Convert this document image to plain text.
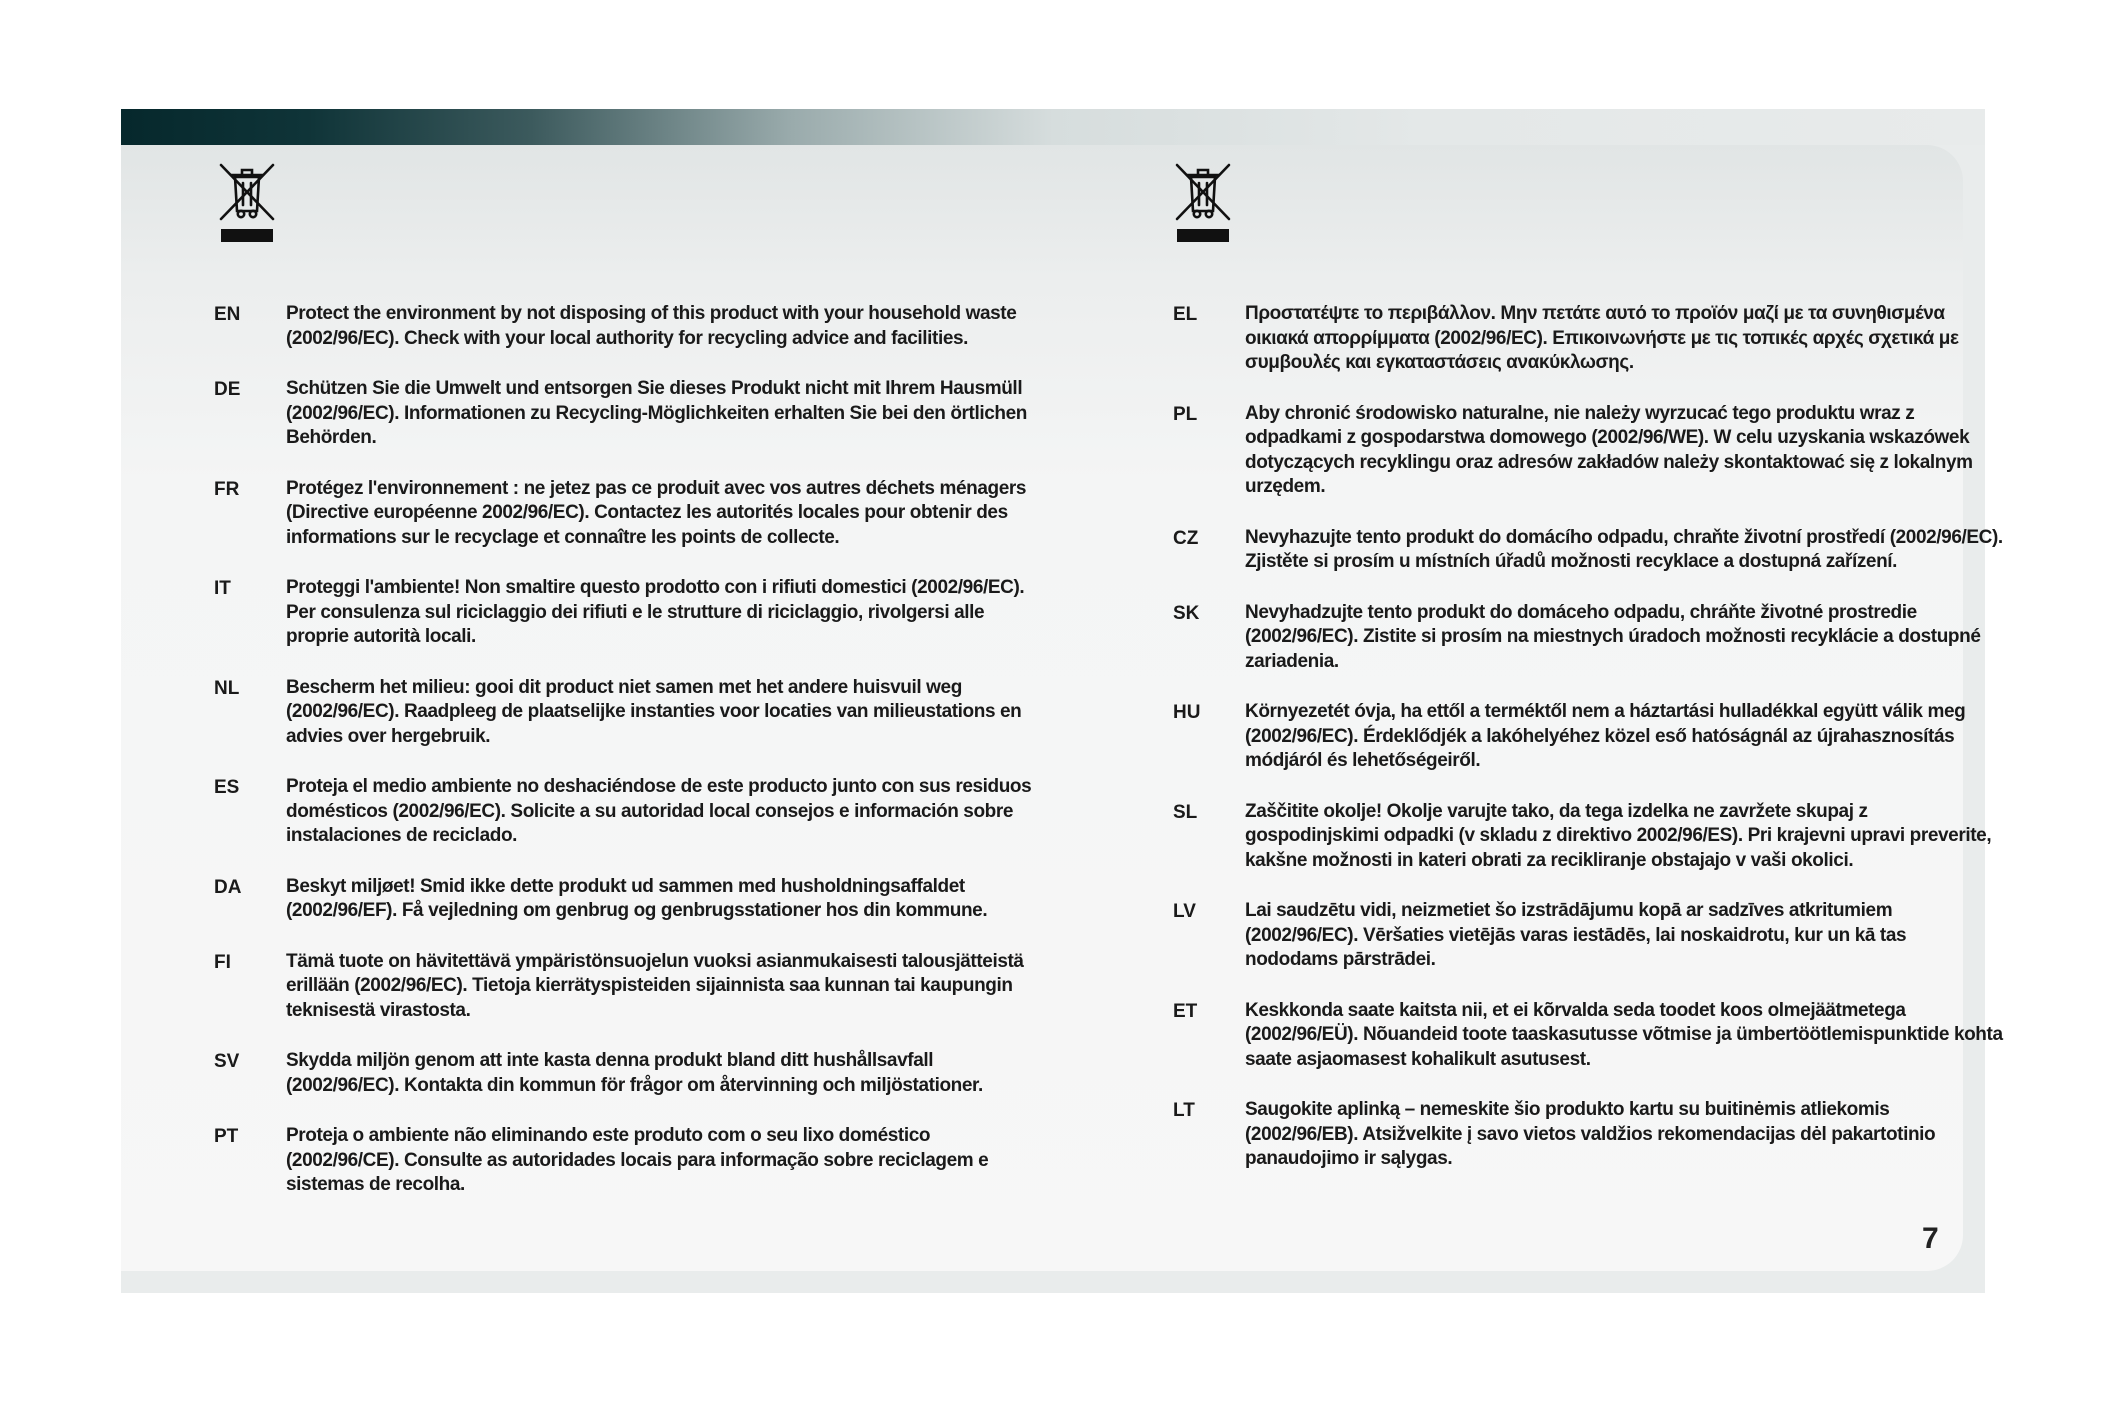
EN Protect the environment by not disposing of this product with your household waste (2002/96/EC). Check with your local authority for recycling advice and facilities.
DE Schützen Sie die Umwelt und entsorgen Sie dieses Produkt nicht mit Ihrem Hausmüll (2002/96/EC). Informationen zu Recycling-Möglichkeiten erhalten Sie bei den örtlichen Behörden.
FR Protégez l'environnement : ne jetez pas ce produit avec vos autres déchets ménagers (Directive européenne 2002/96/EC). Contactez les autorités locales pour obtenir des informations sur le recyclage et connaître les points de collecte.
IT	Proteggi l'ambiente! Non smaltire questo prodotto con i rifiuti domestici (2002/96/EC). Per consulenza sul riciclaggio dei rifiuti e le strutture di riciclaggio, rivolgersi alle proprie autorità locali.
NL Bescherm het milieu: gooi dit product niet samen met het andere huisvuil weg (2002/96/EC). Raadpleeg de plaatselijke instanties voor locaties van milieustations en advies over hergebruik.
ES Proteja el medio ambiente no deshaciéndose de este producto junto con sus residuos domésticos (2002/96/EC). Solicite a su autoridad local consejos e información sobre instalaciones de reciclado.
DA Beskyt miljøet! Smid ikke dette produkt ud sammen med husholdningsaffaldet (2002/96/EF). Få vejledning om genbrug og genbrugsstationer hos din kommune.
FI	Tämä tuote on hävitettävä ympäristönsuojelun vuoksi asianmukaisesti talousjätteistä erillään (2002/96/EC). Tietoja kierrätyspisteiden sijainnista saa kunnan tai kaupungin teknisestä virastosta.
SV Skydda miljön genom att inte kasta denna produkt bland ditt hushållsavfall (2002/96/EC). Kontakta din kommun för frågor om återvinning och miljöstationer.
PT	Proteja o ambiente não eliminando este produto com o seu lixo doméstico (2002/96/CE). Consulte as autoridades locais para informação sobre reciclagem e sistemas de recolha.
EL	Προστατέψτε το περιβάλλον. Μην πετάτε αυτό το προϊόν μαζί με τα συνηθισμένα οικιακά απορρίμματα (2002/96/EC). Επικοινωνήστε με τις τοπικές αρχές σχετικά με συμβουλές και εγκαταστάσεις ανακύκλωσης.
PL	Aby chronić środowisko naturalne, nie należy wyrzucać tego produktu wraz z odpadkami z gospodarstwa domowego (2002/96/WE). W celu uzyskania wskazówek dotyczących recyklingu oraz adresów zakładów należy skontaktować się z lokalnym urzędem.
CZ Nevyhazujte tento produkt do domácího odpadu, chraňte životní prostředí (2002/96/EC). Zjistěte si prosím u místních úřadů možnosti recyklace a dostupná zařízení.
SK Nevyhadzujte tento produkt do domáceho odpadu, chráňte životné prostredie (2002/96/EC). Zistite si prosím na miestnych úradoch možnosti recyklácie a dostupné zariadenia.
HU Környezetét óvja, ha ettől a terméktől nem a háztartási hulladékkal együtt válik meg (2002/96/EC). Érdeklődjék a lakóhelyéhez közel eső hatóságnál az újrahasznosítás módjáról és lehetőségeiről.
SL	Zaščitite okolje! Okolje varujte tako, da tega izdelka ne zavržete skupaj z gospodinjskimi odpadki (v skladu z direktivo 2002/96/ES). Pri krajevni upravi preverite, kakšne možnosti in kateri obrati za recikliranje obstajajo v vaši okolici.
LV	Lai saudzētu vidi, neizmetiet šo izstrādājumu kopā ar sadzīves atkritumiem (2002/96/EC). Vēršaties vietējās varas iestādēs, lai noskaidrotu, kur un kā tas nododams pārstrādei.
ET	Keskkonda saate kaitsta nii, et ei kõrvalda seda toodet koos olmejäätmetega (2002/96/EÜ). Nõuandeid toote taaskasutusse võtmise ja ümbertöötlemispunktide kohta saate asjaomasest kohalikult asutusest.
LT	Saugokite aplinką – nemeskite šio produkto kartu su buitinėmis atliekomis (2002/96/EB). Atsižvelkite į savo vietos valdžios rekomendacijas dėl pakartotinio panaudojimo ir sąlygas.
7
